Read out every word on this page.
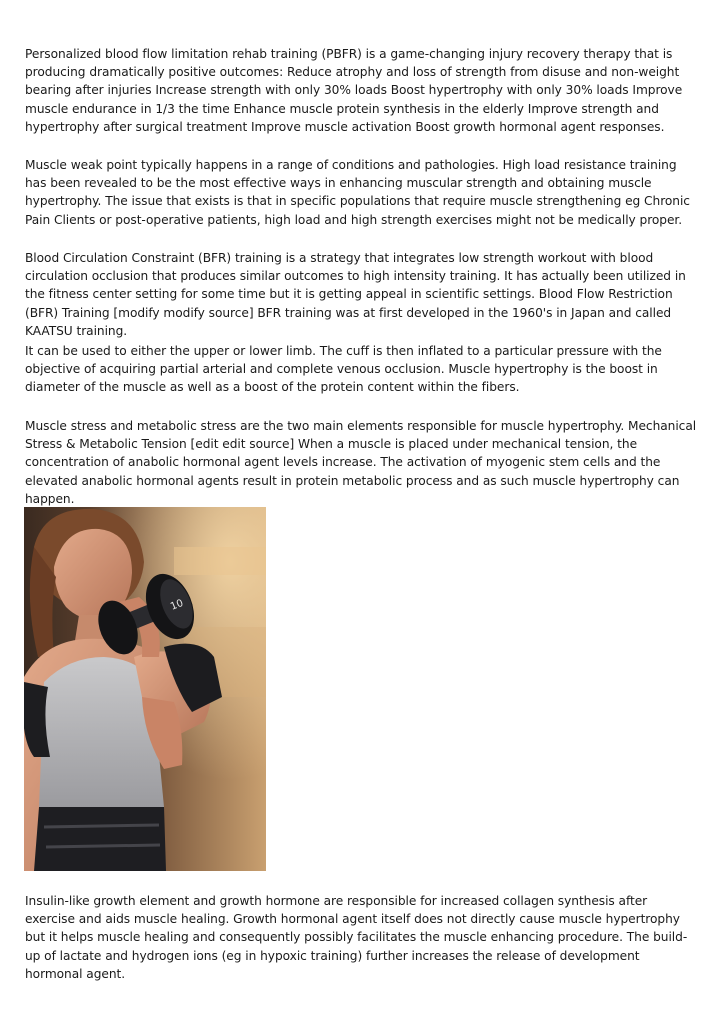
Personalized blood flow limitation rehab training (PBFR) is a game-changing injury recovery therapy that is producing dramatically positive outcomes: Reduce atrophy and loss of strength from disuse and non-weight bearing after injuries Increase strength with only 30% loads Boost hypertrophy with only 30% loads Improve muscle endurance in 1/3 the time Enhance muscle protein synthesis in the elderly Improve strength and hypertrophy after surgical treatment Improve muscle activation Boost growth hormonal agent responses.

Muscle weak point typically happens in a range of conditions and pathologies. High load resistance training has been revealed to be the most effective ways in enhancing muscular strength and obtaining muscle hypertrophy. The issue that exists is that in specific populations that require muscle strengthening eg Chronic Pain Clients or post-operative patients, high load and high strength exercises might not be medically proper.

Blood Circulation Constraint (BFR) training is a strategy that integrates low strength workout with blood circulation occlusion that produces similar outcomes to high intensity training. It has actually been utilized in the fitness center setting for some time but it is getting appeal in scientific settings. Blood Flow Restriction (BFR) Training [modify modify source] BFR training was at first developed in the 1960's in Japan and called KAATSU training.

It can be used to either the upper or lower limb. The cuff is then inflated to a particular pressure with the objective of acquiring partial arterial and complete venous occlusion. Muscle hypertrophy is the boost in diameter of the muscle as well as a boost of the protein content within the fibers.

Muscle stress and metabolic stress are the two main elements responsible for muscle hypertrophy. Mechanical Stress & Metabolic Tension [edit edit source] When a muscle is placed under mechanical tension, the concentration of anabolic hormonal agent levels increase. The activation of myogenic stem cells and the elevated anabolic hormonal agents result in protein metabolic process and as such muscle hypertrophy can happen.

10

Insulin-like growth element and growth hormone are responsible for increased collagen synthesis after exercise and aids muscle healing. Growth hormonal agent itself does not directly cause muscle hypertrophy but it helps muscle healing and consequently possibly facilitates the muscle enhancing procedure. The build-up of lactate and hydrogen ions (eg in hypoxic training) further increases the release of development hormonal agent.
